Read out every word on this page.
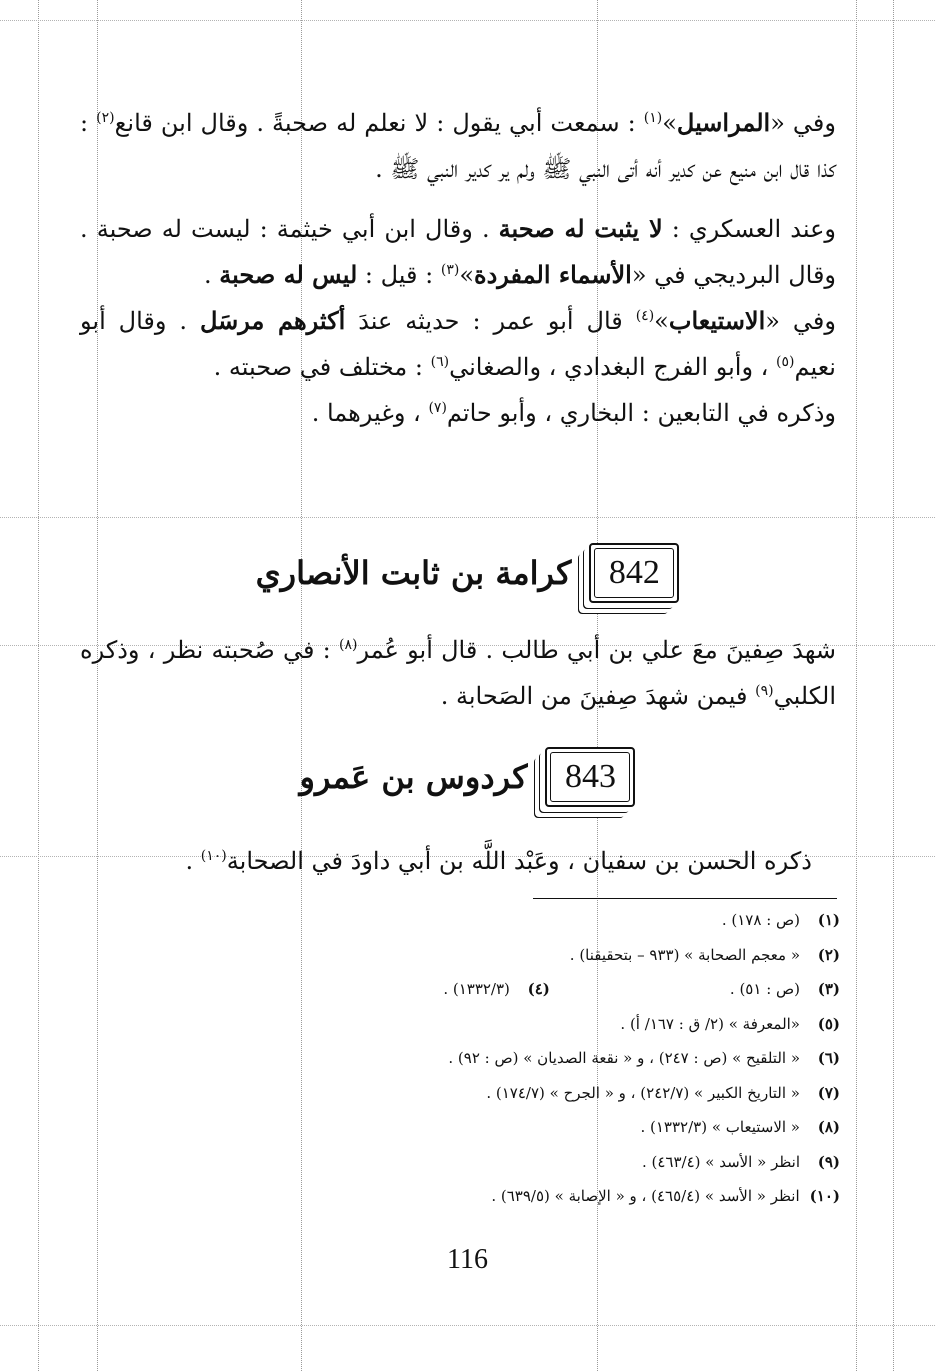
وفي «المراسيل»$^{(١)}$ : سمعت أبي يقول : لا نعلم له صحبةً . وقال ابن قانع$^{(٢)}$ : كذا قال ابن منيع عن كدير أنه أتى النبي ﷺ ولم ير كدير النبي ﷺ .

وعند العسكري : لا يثبت له صحبة . وقال ابن أبي خيثمة : ليست له صحبة . وقال البرديجي في «الأسماء المفردة»$^{(٣)}$ : قيل : ليس له صحبة .

وفي «الاستيعاب»$^{(٤)}$ قال أبو عمر : حديثه عندَ أكثرهم مرسَل . وقال أبو نعيم$^{(٥)}$ ، وأبو الفرج البغدادي ، والصغاني$^{(٦)}$ : مختلف في صحبته .

وذكره في التابعين : البخاري ، وأبو حاتم$^{(٧)}$ ، وغيرهما .

842
كرامة بن ثابت الأنصاري

شهدَ صِفينَ معَ علي بن أبي طالب . قال أبو عُمر$^{(٨)}$ : في صُحبته نظر ، وذكره الكلبي$^{(٩)}$ فيمن شهدَ صِفينَ من الصَحابة .

843
كردوس بن عَمرو

ذكره الحسن بن سفيان ، وعَبْد اللَّه بن أبي داودَ في الصحابة$^{(١٠)}$ .

(١)
(ص : ١٧٨) .
(٢)
« معجم الصحابة » (٩٣٣ – بتحقيقنا) .
(٣)
(ص : ٥١) .
(٤)
(١٣٣٢/٣) .
(٥)
«المعرفة » (٢/ ق : ١٦٧/ أ) .
(٦)
« التلقيح » (ص : ٢٤٧) ، و « نقعة الصديان » (ص : ٩٢) .
(٧)
« التاريخ الكبير » (٢٤٢/٧) ، و « الجرح » (١٧٤/٧) .
(٨)
« الاستيعاب » (١٣٣٢/٣) .
(٩)
انظر « الأسد » (٤٦٣/٤) .
(١٠)
انظر « الأسد » (٤٦٥/٤) ، و « الإصابة » (٦٣٩/٥) .
116
